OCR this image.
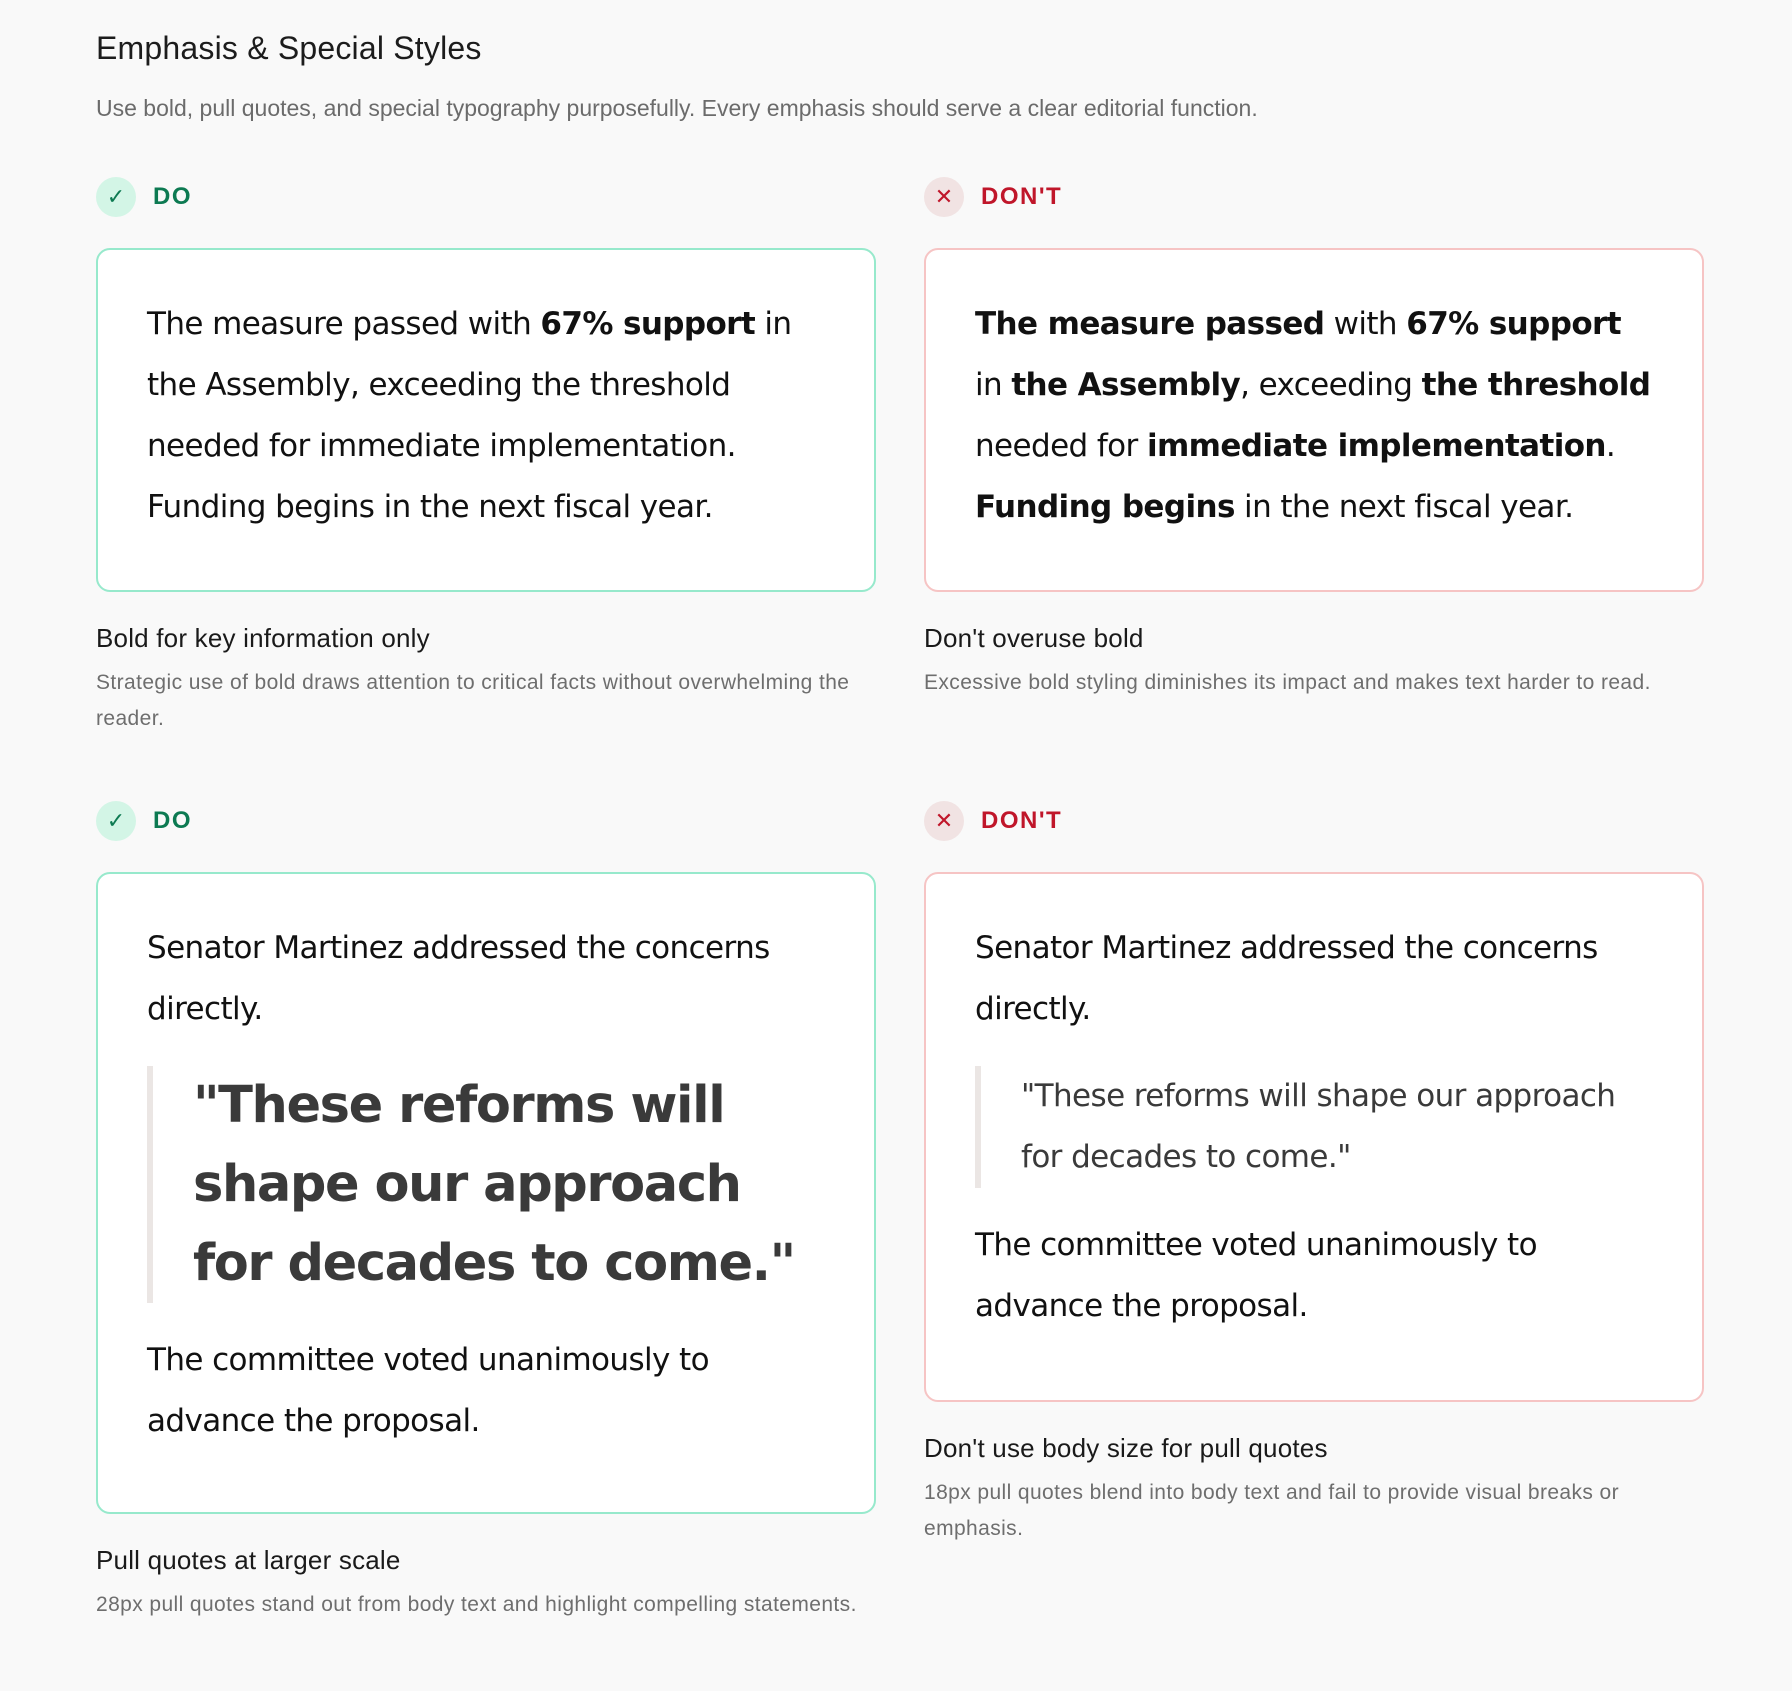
Emphasis & Special Styles

Use bold, pull quotes, and special typography purposefully. Every emphasis should serve a clear editorial function.

✓	DO

The measure passed with 67% support in the Assembly, exceeding the threshold needed for immediate implementation. Funding begins in the next fiscal year.

Bold for key information only
Strategic use of bold draws attention to critical facts without overwhelming the reader.
✕	DON'T

The measure passed with 67% support in the Assembly, exceeding the threshold needed for immediate implementation. Funding begins in the next fiscal year.

Don't overuse bold
Excessive bold styling diminishes its impact and makes text harder to read.
✓	DO

Senator Martinez addressed the concerns directly.

"These reforms will shape our approach for decades to come."

The committee voted unanimously to advance the proposal.

Pull quotes at larger scale
28px pull quotes stand out from body text and highlight compelling statements.
✕	DON'T

Senator Martinez addressed the concerns directly.

"These reforms will shape our approach for decades to come."

The committee voted unanimously to advance the proposal.

Don't use body size for pull quotes
18px pull quotes blend into body text and fail to provide visual breaks or emphasis.
